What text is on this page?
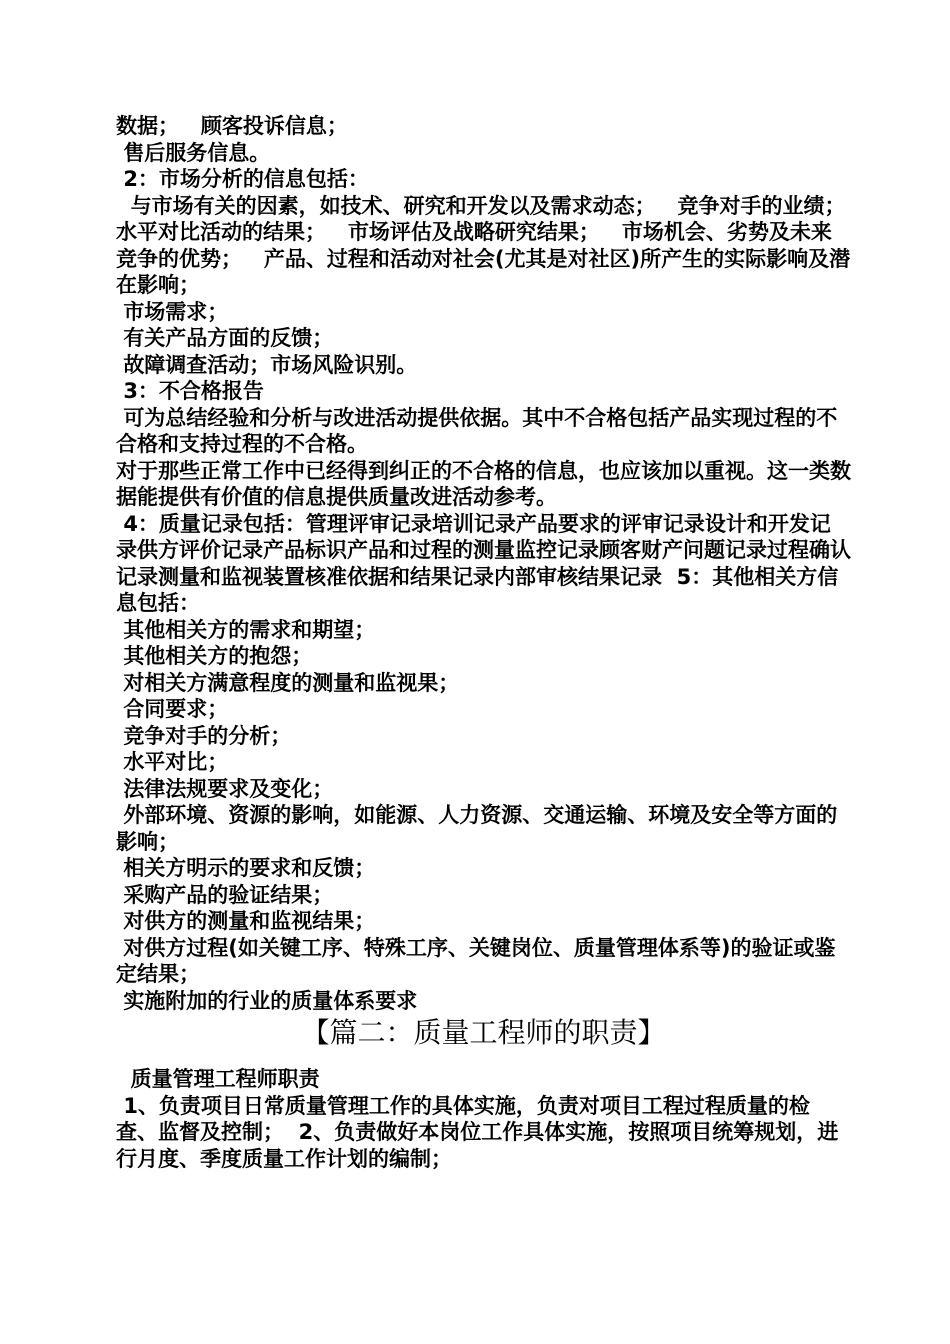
数据；   顾客投诉信息；

售后服务信息。

2：市场分析的信息包括：

与市场有关的因素，如技术、研究和开发以及需求动态；   竞争对手的业绩；   水平对比活动的结果；   市场评估及战略研究结果；   市场机会、劣势及未来竞争的优势；   产品、过程和活动对社会(尤其是对社区)所产生的实际影响及潜在影响；

市场需求；

有关产品方面的反馈；

故障调查活动；市场风险识别。

3：不合格报告

可为总结经验和分析与改进活动提供依据。其中不合格包括产品实现过程的不合格和支持过程的不合格。

对于那些正常工作中已经得到纠正的不合格的信息，也应该加以重视。这一类数据能提供有价值的信息提供质量改进活动参考。

4：质量记录包括：管理评审记录培训记录产品要求的评审记录设计和开发记录供方评价记录产品标识产品和过程的测量监控记录顾客财产问题记录过程确认记录测量和监视装置核准依据和结果记录内部审核结果记录  5：其他相关方信息包括：

其他相关方的需求和期望；

其他相关方的抱怨；

对相关方满意程度的测量和监视果；

合同要求；

竞争对手的分析；

水平对比；

法律法规要求及变化；

外部环境、资源的影响，如能源、人力资源、交通运输、环境及安全等方面的影响；

相关方明示的要求和反馈；

采购产品的验证结果；

对供方的测量和监视结果；

对供方过程(如关键工序、特殊工序、关键岗位、质量管理体系等)的验证或鉴定结果；

实施附加的行业的质量体系要求

【篇二：质量工程师的职责】

质量管理工程师职责

1、负责项目日常质量管理工作的具体实施，负责对项目工程过程质量的检查、监督及控制；  2、负责做好本岗位工作具体实施，按照项目统筹规划，进行月度、季度质量工作计划的编制；
